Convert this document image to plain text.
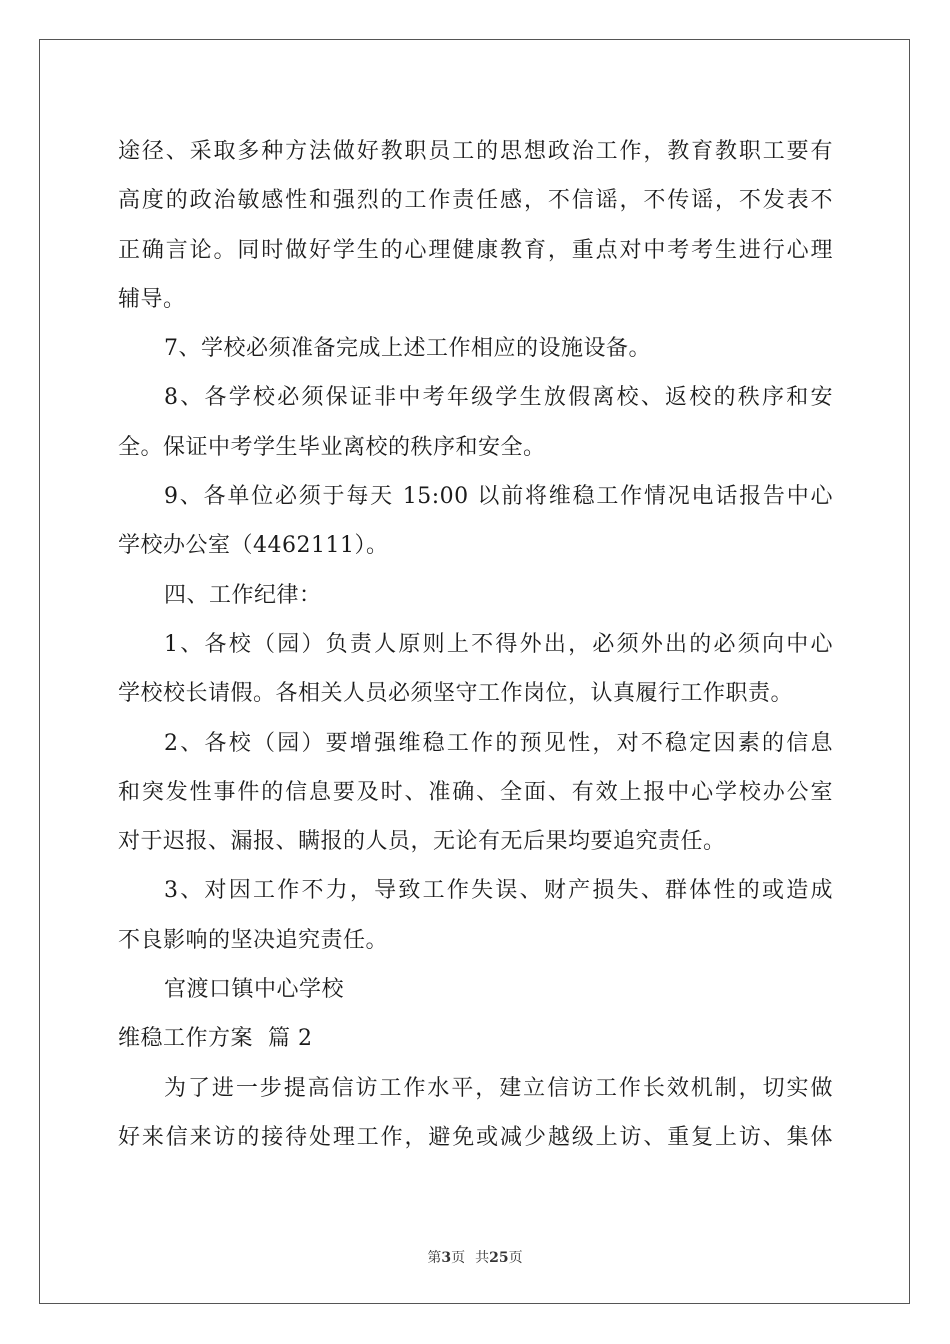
途径、采取多种方法做好教职员工的思想政治工作，教育教职工要有
高度的政治敏感性和强烈的工作责任感，不信谣，不传谣，不发表不
正确言论。同时做好学生的心理健康教育，重点对中考考生进行心理
辅导。
7、学校必须准备完成上述工作相应的设施设备。
8、各学校必须保证非中考年级学生放假离校、返校的秩序和安
全。保证中考学生毕业离校的秩序和安全。
9、各单位必须于每天 15:00 以前将维稳工作情况电话报告中心
学校办公室（4462111）。
四、工作纪律：
1、各校（园）负责人原则上不得外出，必须外出的必须向中心
学校校长请假。各相关人员必须坚守工作岗位，认真履行工作职责。
2、各校（园）要增强维稳工作的预见性，对不稳定因素的信息
和突发性事件的信息要及时、准确、全面、有效上报中心学校办公室
对于迟报、漏报、瞒报的人员，无论有无后果均要追究责任。
3、对因工作不力，导致工作失误、财产损失、群体性的或造成
不良影响的坚决追究责任。
官渡口镇中心学校
维稳工作方案  篇 2
为了进一步提高信访工作水平，建立信访工作长效机制，切实做
好来信来访的接待处理工作，避免或减少越级上访、重复上访、集体
第3页 共25页
